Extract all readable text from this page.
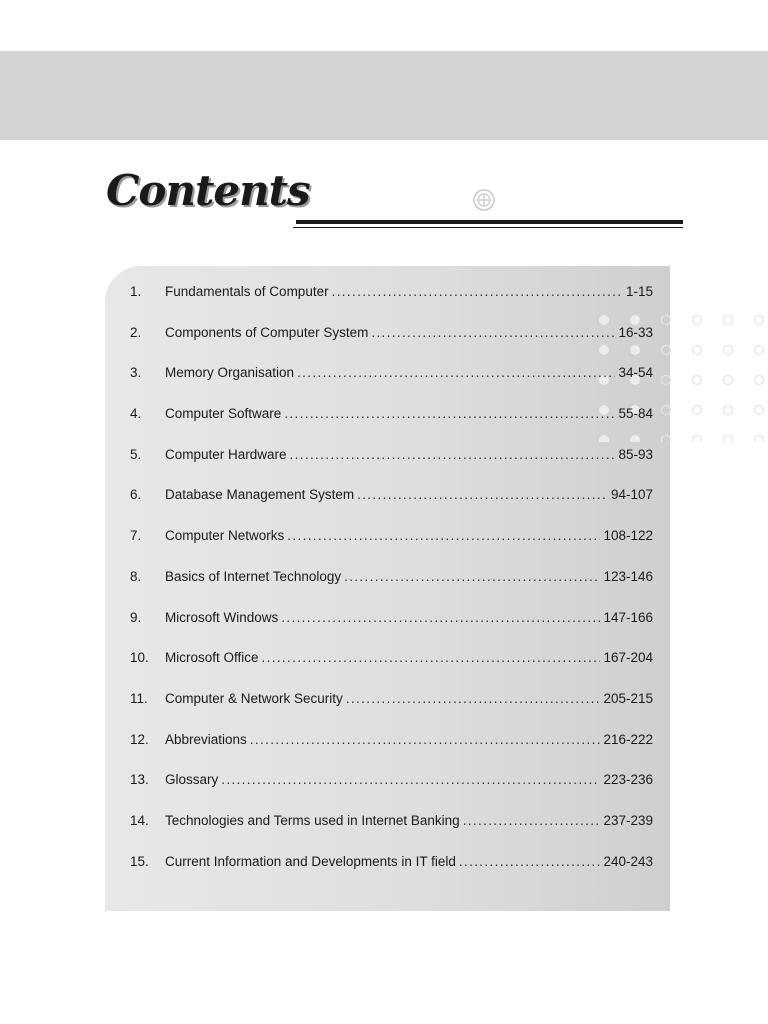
Contents
1.	Fundamentals of Computer . . .	1-15
2.	Components of Computer System . . .	16-33
3.	Memory Organisation . . .	34-54
4.	Computer Software . . .	55-84
5.	Computer Hardware . . .	85-93
6.	Database Management System . . .	94-107
7.	Computer Networks . . .	108-122
8.	Basics of Internet Technology . . .	123-146
9.	Microsoft Windows . . .	147-166
10.	Microsoft Office . . .	167-204
11.	Computer & Network Security . . .	205-215
12.	Abbreviations . . .	216-222
13.	Glossary . . .	223-236
14.	Technologies and Terms used in Internet Banking . . .	237-239
15.	Current Information and Developments in IT field . . .	240-243
